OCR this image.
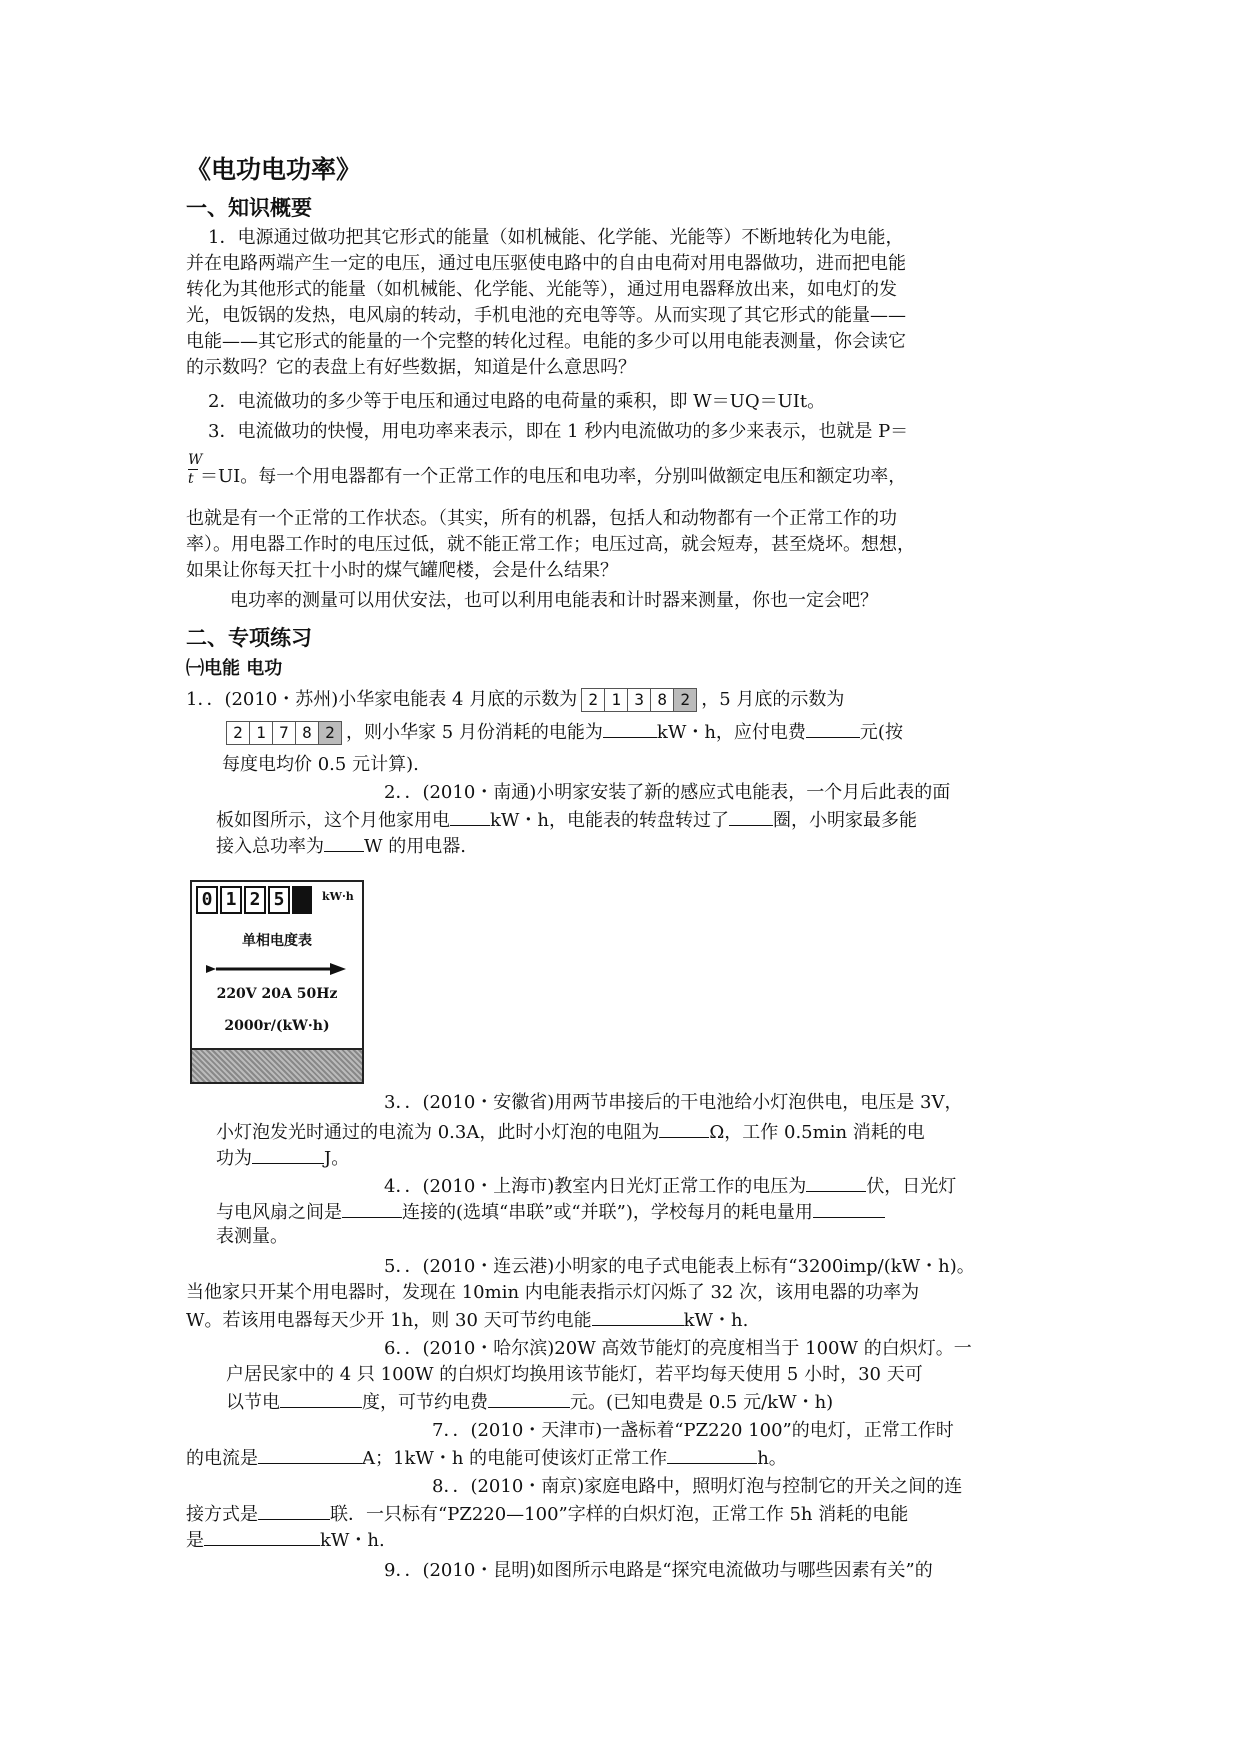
《电功电功率》
一、知识概要

1．电源通过做功把其它形式的能量（如机械能、化学能、光能等）不断地转化为电能，

并在电路两端产生一定的电压，通过电压驱使电路中的自由电荷对用电器做功，进而把电能

转化为其他形式的能量（如机械能、化学能、光能等），通过用电器释放出来，如电灯的发

光，电饭锅的发热，电风扇的转动，手机电池的充电等等。从而实现了其它形式的能量——

电能——其它形式的能量的一个完整的转化过程。电能的多少可以用电能表测量，你会读它

的示数吗？它的表盘上有好些数据，知道是什么意思吗？

2．电流做功的多少等于电压和通过电路的电荷量的乘积，即 W＝UQ＝UIt。

3．电流做功的快慢，用电功率来表示，即在 1 秒内电流做功的多少来表示，也就是 P＝

W
t ＝UI。每一个用电器都有一个正常工作的电压和电功率，分别叫做额定电压和额定功率，

也就是有一个正常的工作状态。（其实，所有的机器，包括人和动物都有一个正常工作的功

率）。用电器工作时的电压过低，就不能正常工作；电压过高，就会短寿，甚至烧坏。想想，

如果让你每天扛十小时的煤气罐爬楼，会是什么结果？

电功率的测量可以用伏安法，也可以利用电能表和计时器来测量，你也一定会吧？

二、专项练习
㈠电能 电功

1．．(2010・苏州)小华家电能表 4 月底的示数为 2 1 3 8 2 ，5 月底的示数为

2 1 7 8 2 ，则小华家 5 月份消耗的电能为	kW・h，应付电费	元(按

每度电均价 0.5 元计算).

2．．(2010・南通)小明家安装了新的感应式电能表，一个月后此表的面

板如图所示，这个月他家用电 kW・h，电能表的转盘转过了 圈，小明家最多能

接入总功率为 W 的用电器.

0 1 2 5	kW·h
单相电度表
220V 20A 50Hz
2000r/(kW·h)

3．．(2010・安徽省)用两节串接后的干电池给小灯泡供电，电压是 3V，

小灯泡发光时通过的电流为 0.3A，此时小灯泡的电阻为	Ω，工作 0.5min 消耗的电

功为	J。

4．．(2010・上海市)教室内日光灯正常工作的电压为	伏，日光灯

与电风扇之间是	连接的(选填“串联”或“并联”)，学校每月的耗电量用

表测量。

5．．(2010・连云港)小明家的电子式电能表上标有“3200imp/(kW・h)。

当他家只开某个用电器时，发现在 10min 内电能表指示灯闪烁了 32 次，该用电器的功率为

W。若该用电器每天少开 1h，则 30 天可节约电能	kW・h.

6．．(2010・哈尔滨)20W 高效节能灯的亮度相当于 100W 的白炽灯。一

户居民家中的 4 只 100W 的白炽灯均换用该节能灯，若平均每天使用 5 小时，30 天可

以节电	度，可节约电费	元。(已知电费是 0.5 元/kW・h)

7．．(2010・天津市)一盏标着“PZ220 100”的电灯，正常工作时

的电流是	A；1kW・h 的电能可使该灯正常工作	h。

8．．(2010・南京)家庭电路中，照明灯泡与控制它的开关之间的连

接方式是	联．一只标有“PZ220—100”字样的白炽灯泡，正常工作 5h 消耗的电能

是	kW・h.

9．．(2010・昆明)如图所示电路是“探究电流做功与哪些因素有关”的
